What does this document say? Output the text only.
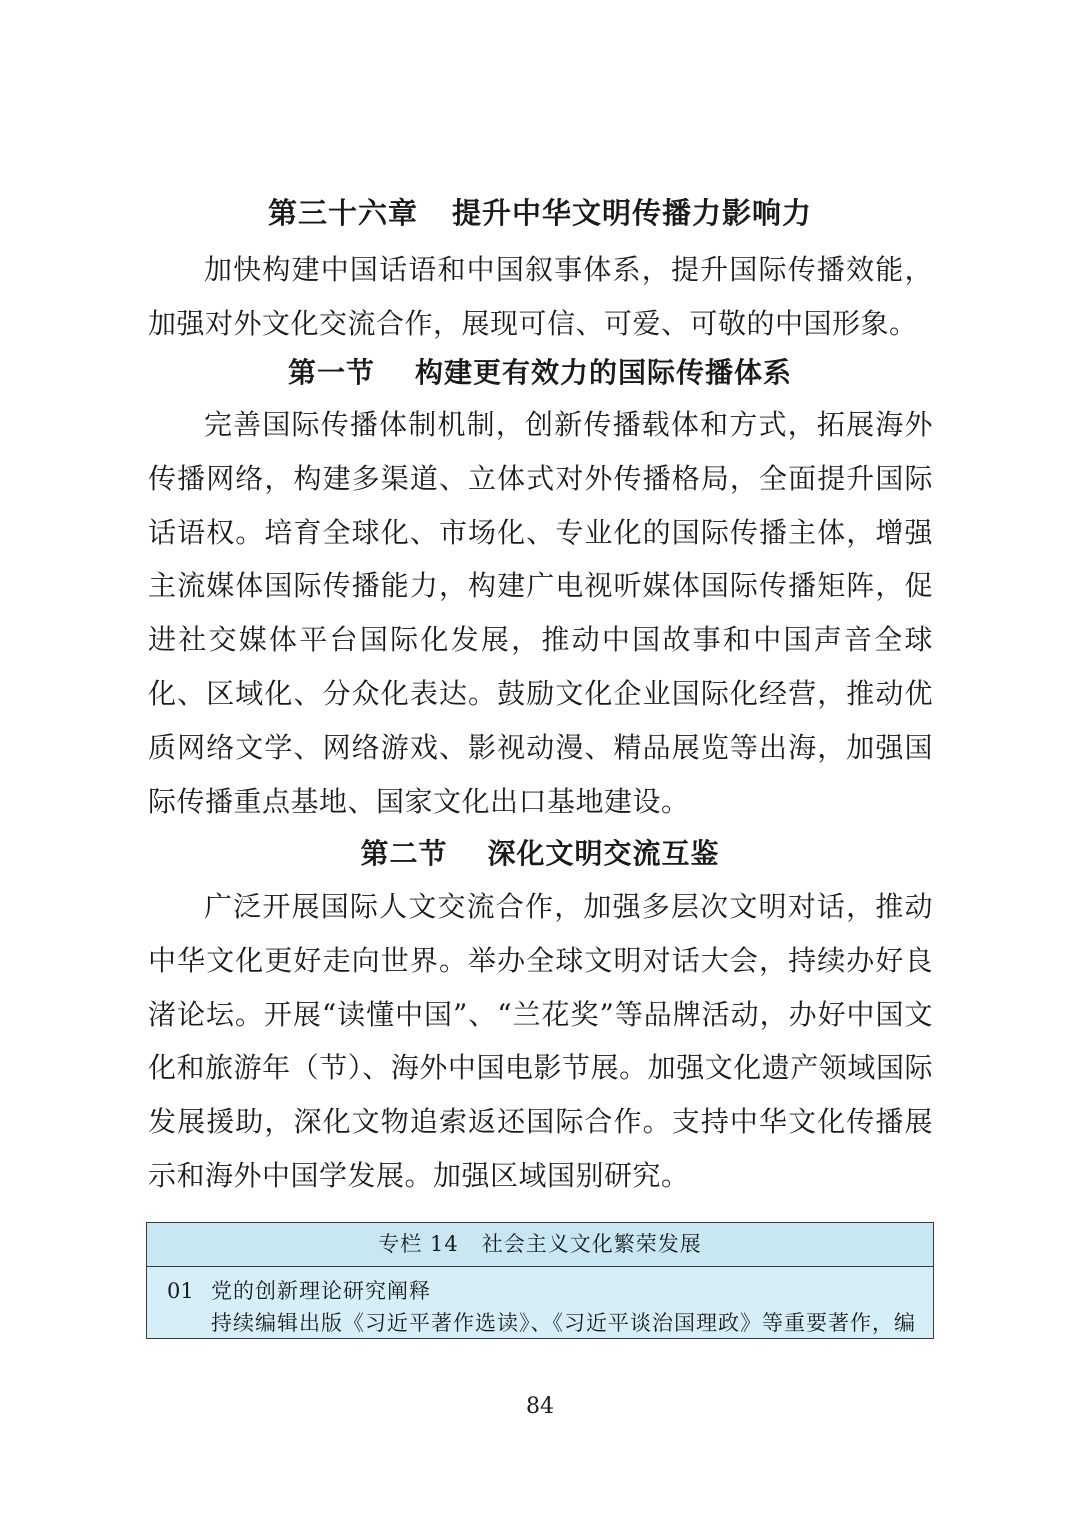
第三十六章 提升中华文明传播力影响力

加快构建中国话语和中国叙事体系，提升国际传播效能，加强对外文化交流合作，展现可信、可爱、可敬的中国形象。

第一节 构建更有效力的国际传播体系

完善国际传播体制机制，创新传播载体和方式，拓展海外传播网络，构建多渠道、立体式对外传播格局，全面提升国际话语权。培育全球化、市场化、专业化的国际传播主体，增强主流媒体国际传播能力，构建广电视听媒体国际传播矩阵，促进社交媒体平台国际化发展，推动中国故事和中国声音全球化、区域化、分众化表达。鼓励文化企业国际化经营，推动优质网络文学、网络游戏、影视动漫、精品展览等出海，加强国际传播重点基地、国家文化出口基地建设。

第二节 深化文明交流互鉴

广泛开展国际人文交流合作，加强多层次文明对话，推动中华文化更好走向世界。举办全球文明对话大会，持续办好良渚论坛。开展“读懂中国”、“兰花奖”等品牌活动，办好中国文化和旅游年（节）、海外中国电影节展。加强文化遗产领域国际发展援助，深化文物追索返还国际合作。支持中华文化传播展示和海外中国学发展。加强区域国别研究。

专栏 14 社会主义文化繁荣发展
01 党的创新理论研究阐释
持续编辑出版《习近平著作选读》、《习近平谈治国理政》等重要著作，编
84
